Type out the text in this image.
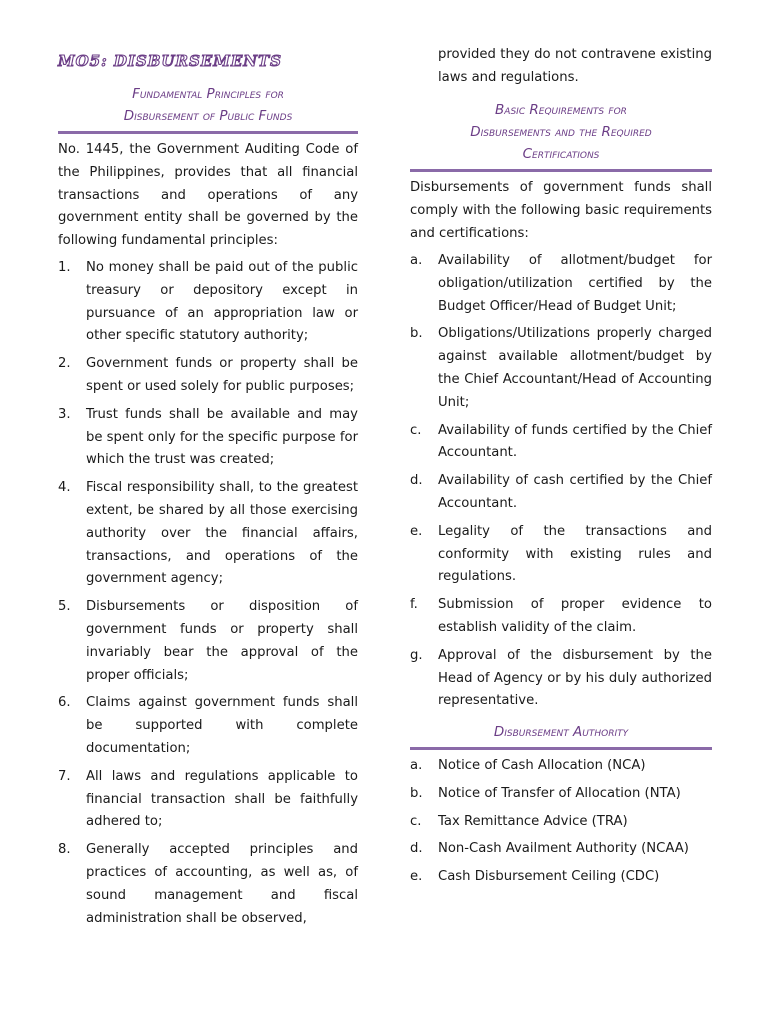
MO5: DISBURSEMENTS
Fundamental Principles for
Disbursement of Public Funds

No. 1445, the Government Auditing Code of the Philippines, provides that all financial transactions and operations of any government entity shall be governed by the following fundamental principles:

1. No money shall be paid out of the public treasury or depository except in pursuance of an appropriation law or other specific statutory authority;
2. Government funds or property shall be spent or used solely for public purposes;
3. Trust funds shall be available and may be spent only for the specific purpose for which the trust was created;
4. Fiscal responsibility shall, to the greatest extent, be shared by all those exercising authority over the financial affairs, transactions, and operations of the government agency;
5. Disbursements or disposition of government funds or property shall invariably bear the approval of the proper officials;
6. Claims against government funds shall be supported with complete documentation;
7. All laws and regulations applicable to financial transaction shall be faithfully adhered to;
8. Generally accepted principles and practices of accounting, as well as, of sound management and fiscal administration shall be observed,

provided they do not contravene existing laws and regulations.

Basic Requirements for
Disbursements and the Required
Certifications

Disbursements of government funds shall comply with the following basic requirements and certifications:

a. Availability of allotment/budget for obligation/utilization certified by the Budget Officer/Head of Budget Unit;
b. Obligations/Utilizations properly charged against available allotment/budget by the Chief Accountant/Head of Accounting Unit;
c. Availability of funds certified by the Chief Accountant.
d. Availability of cash certified by the Chief Accountant.
e. Legality of the transactions and conformity with existing rules and regulations.
f. Submission of proper evidence to establish validity of the claim.
g. Approval of the disbursement by the Head of Agency or by his duly authorized representative.
Disbursement Authority
a. Notice of Cash Allocation (NCA)
b. Notice of Transfer of Allocation (NTA)
c. Tax Remittance Advice (TRA)
d. Non-Cash Availment Authority (NCAA)
e. Cash Disbursement Ceiling (CDC)
